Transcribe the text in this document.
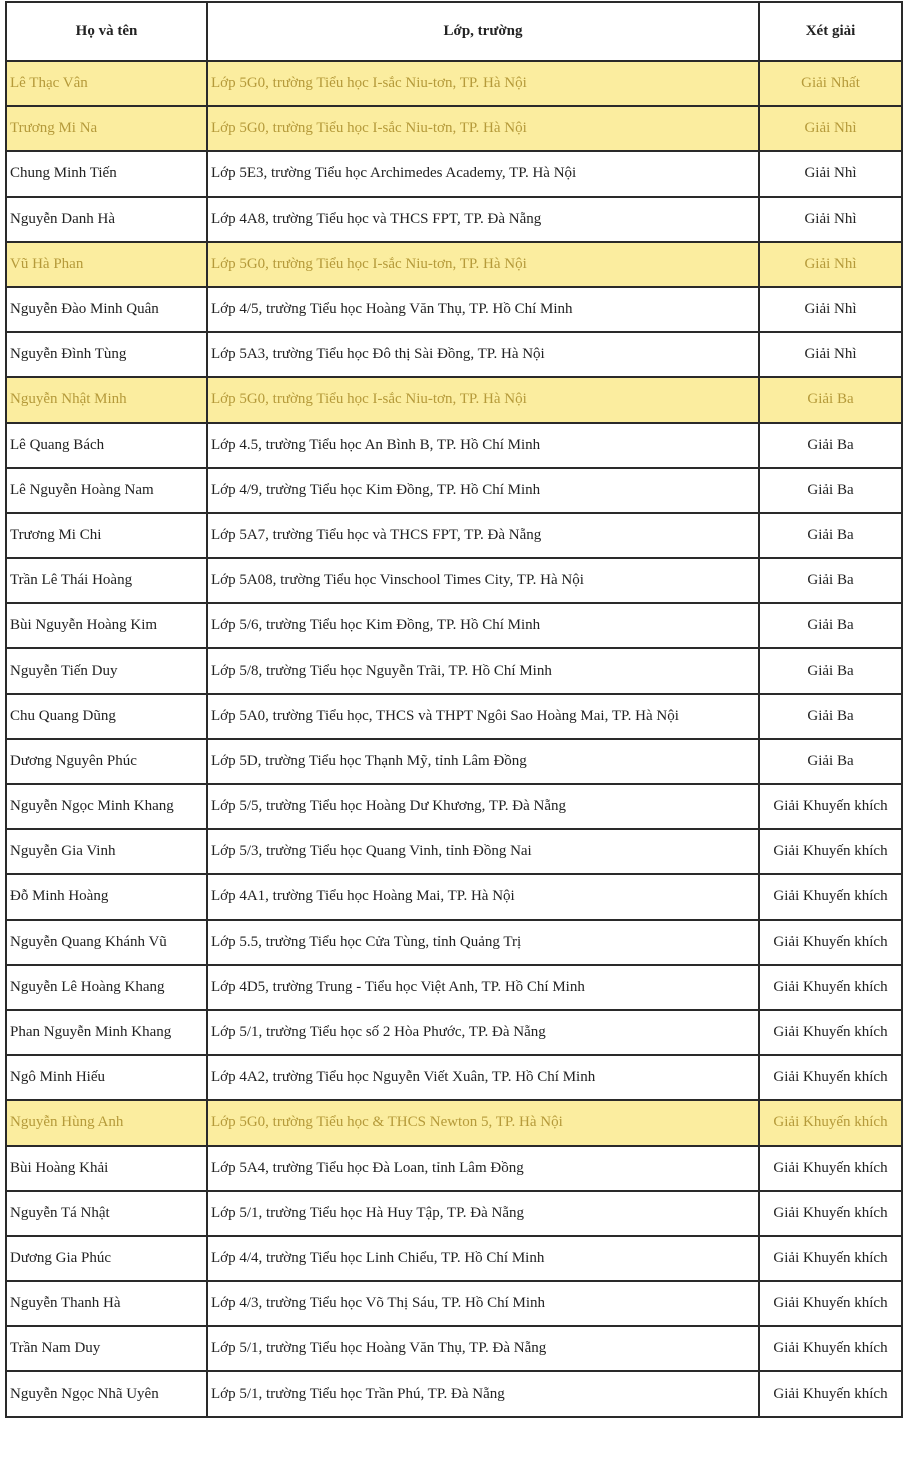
Họ và tên	Lớp, trường	Xét giải
Lê Thạc Vân	Lớp 5G0, trường Tiểu học I-sắc Niu-tơn, TP. Hà Nội	Giải Nhất
Trương Mi Na	Lớp 5G0, trường Tiểu học I-sắc Niu-tơn, TP. Hà Nội	Giải Nhì
Chung Minh Tiến	Lớp 5E3, trường Tiểu học Archimedes Academy, TP. Hà Nội	Giải Nhì
Nguyễn Danh Hà	Lớp 4A8, trường Tiểu học và THCS FPT, TP. Đà Nẵng	Giải Nhì
Vũ Hà Phan	Lớp 5G0, trường Tiểu học I-sắc Niu-tơn, TP. Hà Nội	Giải Nhì
Nguyễn Đào Minh Quân	Lớp 4/5, trường Tiểu học Hoàng Văn Thụ, TP. Hồ Chí Minh	Giải Nhì
Nguyễn Đình Tùng	Lớp 5A3, trường Tiểu học Đô thị Sài Đồng, TP. Hà Nội	Giải Nhì
Nguyễn Nhật Minh	Lớp 5G0, trường Tiểu học I-sắc Niu-tơn, TP. Hà Nội	Giải Ba
Lê Quang Bách	Lớp 4.5, trường Tiểu học An Bình B, TP. Hồ Chí Minh	Giải Ba
Lê Nguyễn Hoàng Nam	Lớp 4/9, trường Tiểu học Kim Đồng, TP. Hồ Chí Minh	Giải Ba
Trương Mi Chi	Lớp 5A7, trường Tiểu học và THCS FPT, TP. Đà Nẵng	Giải Ba
Trần Lê Thái Hoàng	Lớp 5A08, trường Tiểu học Vinschool Times City, TP. Hà Nội	Giải Ba
Bùi Nguyễn Hoàng Kim	Lớp 5/6, trường Tiểu học Kim Đồng, TP. Hồ Chí Minh	Giải Ba
Nguyễn Tiến Duy	Lớp 5/8, trường Tiểu học Nguyễn Trãi, TP. Hồ Chí Minh	Giải Ba
Chu Quang Dũng	Lớp 5A0, trường Tiểu học, THCS và THPT Ngôi Sao Hoàng Mai, TP. Hà Nội	Giải Ba
Dương Nguyên Phúc	Lớp 5D, trường Tiểu học Thạnh Mỹ, tỉnh Lâm Đồng	Giải Ba
Nguyễn Ngọc Minh Khang	Lớp 5/5, trường Tiểu học Hoàng Dư Khương, TP. Đà Nẵng	Giải Khuyến khích
Nguyễn Gia Vinh	Lớp 5/3, trường Tiểu học Quang Vinh, tỉnh Đồng Nai	Giải Khuyến khích
Đỗ Minh Hoàng	Lớp 4A1, trường Tiểu học Hoàng Mai, TP. Hà Nội	Giải Khuyến khích
Nguyễn Quang Khánh Vũ	Lớp 5.5, trường Tiểu học Cửa Tùng, tỉnh Quảng Trị	Giải Khuyến khích
Nguyễn Lê Hoàng Khang	Lớp 4D5, trường Trung - Tiểu học Việt Anh, TP. Hồ Chí Minh	Giải Khuyến khích
Phan Nguyễn Minh Khang	Lớp 5/1, trường Tiểu học số 2 Hòa Phước, TP. Đà Nẵng	Giải Khuyến khích
Ngô Minh Hiếu	Lớp 4A2, trường Tiểu học Nguyễn Viết Xuân, TP. Hồ Chí Minh	Giải Khuyến khích
Nguyễn Hùng Anh	Lớp 5G0, trường Tiểu học & THCS Newton 5, TP. Hà Nội	Giải Khuyến khích
Bùi Hoàng Khải	Lớp 5A4, trường Tiểu học Đà Loan, tỉnh Lâm Đồng	Giải Khuyến khích
Nguyễn Tá Nhật	Lớp 5/1, trường Tiểu học Hà Huy Tập, TP. Đà Nẵng	Giải Khuyến khích
Dương Gia Phúc	Lớp 4/4, trường Tiểu học Linh Chiểu, TP. Hồ Chí Minh	Giải Khuyến khích
Nguyễn Thanh Hà	Lớp 4/3, trường Tiểu học Võ Thị Sáu, TP. Hồ Chí Minh	Giải Khuyến khích
Trần Nam Duy	Lớp 5/1, trường Tiểu học Hoàng Văn Thụ, TP. Đà Nẵng	Giải Khuyến khích
Nguyễn Ngọc Nhã Uyên	Lớp 5/1, trường Tiểu học Trần Phú, TP. Đà Nẵng	Giải Khuyến khích
